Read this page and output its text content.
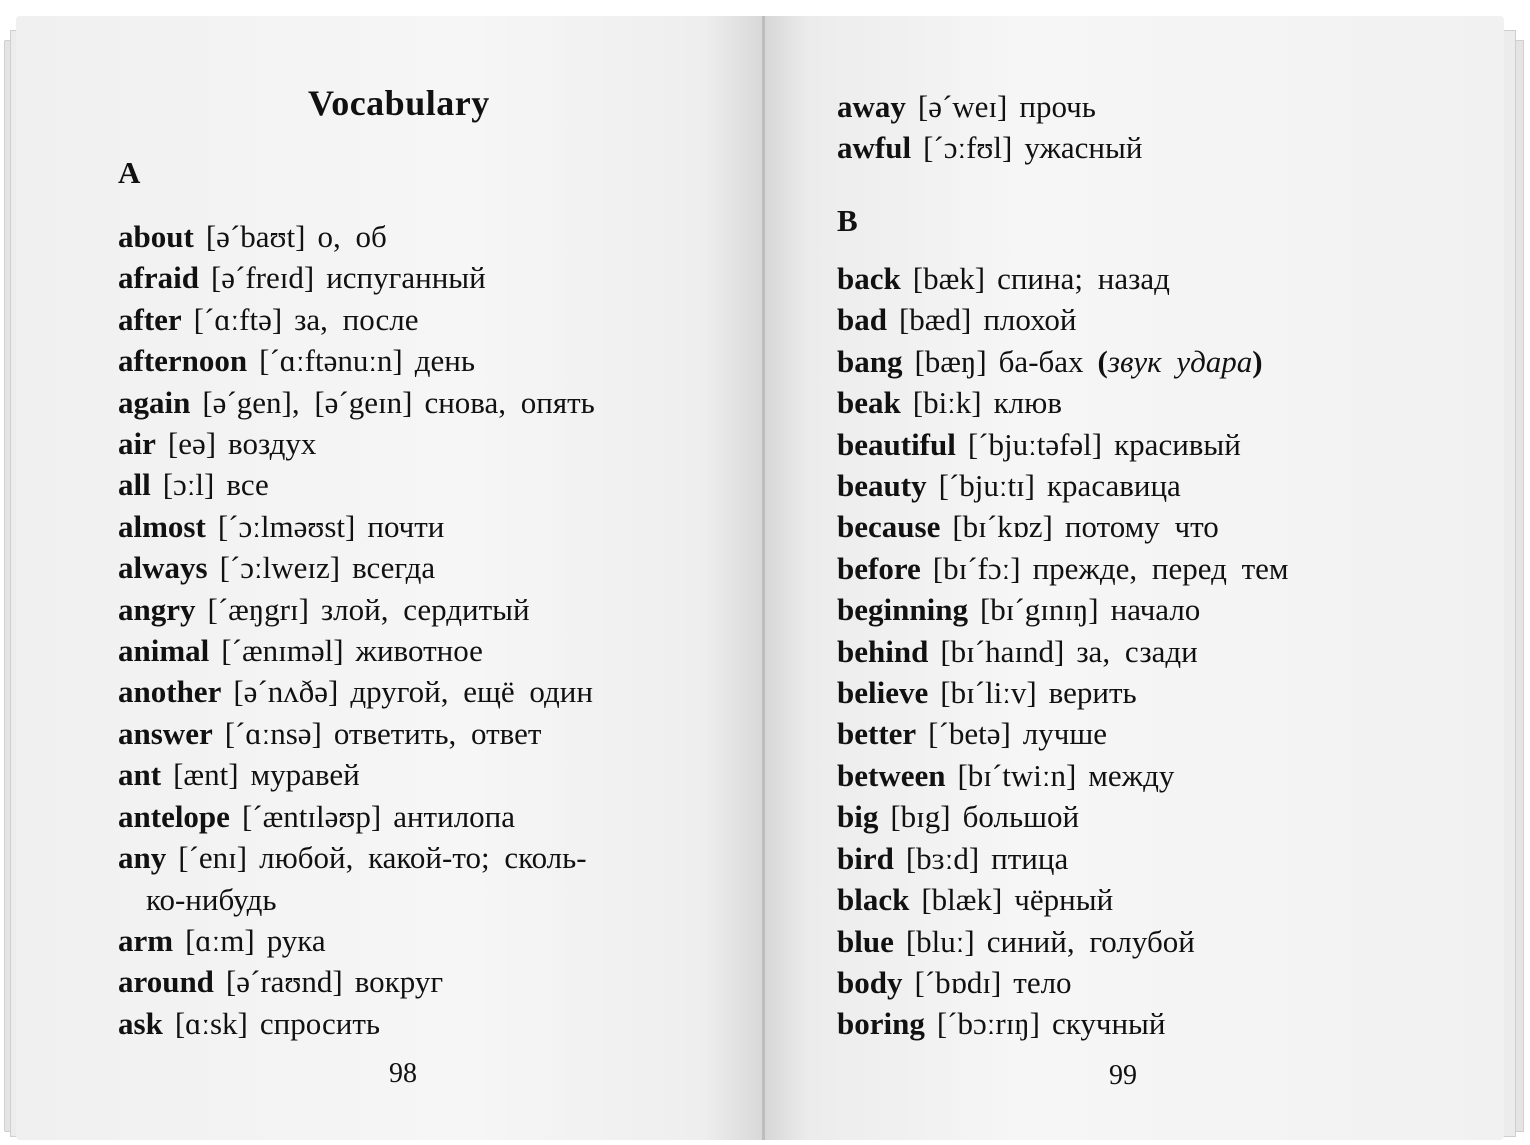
Vocabulary
A
about [əˊbaʊt] о, об
afraid [əˊfreɪd] испуганный
after [ˊɑːftə] за, после
afternoon [ˊɑːftənuːn] день
again [əˊgen], [əˊgeɪn] снова, опять
air [eə] воздух
all [ɔːl] все
almost [ˊɔːlməʊst] почти
always [ˊɔːlweɪz] всегда
angry [ˊæŋgrɪ] злой, сердитый
animal [ˊænɪməl] животное
another [əˊnʌðə] другой, ещё один
answer [ˊɑːnsə] ответить, ответ
ant [ænt] муравей
antelope [ˊæntɪləʊp] антилопа
any [ˊenɪ] любой, какой-то; сколь-
ко-нибудь
arm [ɑːm] рука
around [əˊraʊnd] вокруг
ask [ɑːsk] спросить
98
away [əˊweɪ] прочь
awful [ˊɔːfʊl] ужасный
B
back [bæk] спина; назад
bad [bæd] плохой
bang [bæŋ] ба-бах (звук удара)
beak [biːk] клюв
beautiful [ˊbjuːtəfəl] красивый
beauty [ˊbjuːtɪ] красавица
because [bɪˊkɒz] потому что
before [bɪˊfɔː] прежде, перед тем
beginning [bɪˊgɪnɪŋ] начало
behind [bɪˊhaɪnd] за, сзади
believe [bɪˊliːv] верить
better [ˊbetə] лучше
between [bɪˊtwiːn] между
big [bɪg] большой
bird [bɜːd] птица
black [blæk] чёрный
blue [bluː] синий, голубой
body [ˊbɒdɪ] тело
boring [ˊbɔːrɪŋ] скучный
99
